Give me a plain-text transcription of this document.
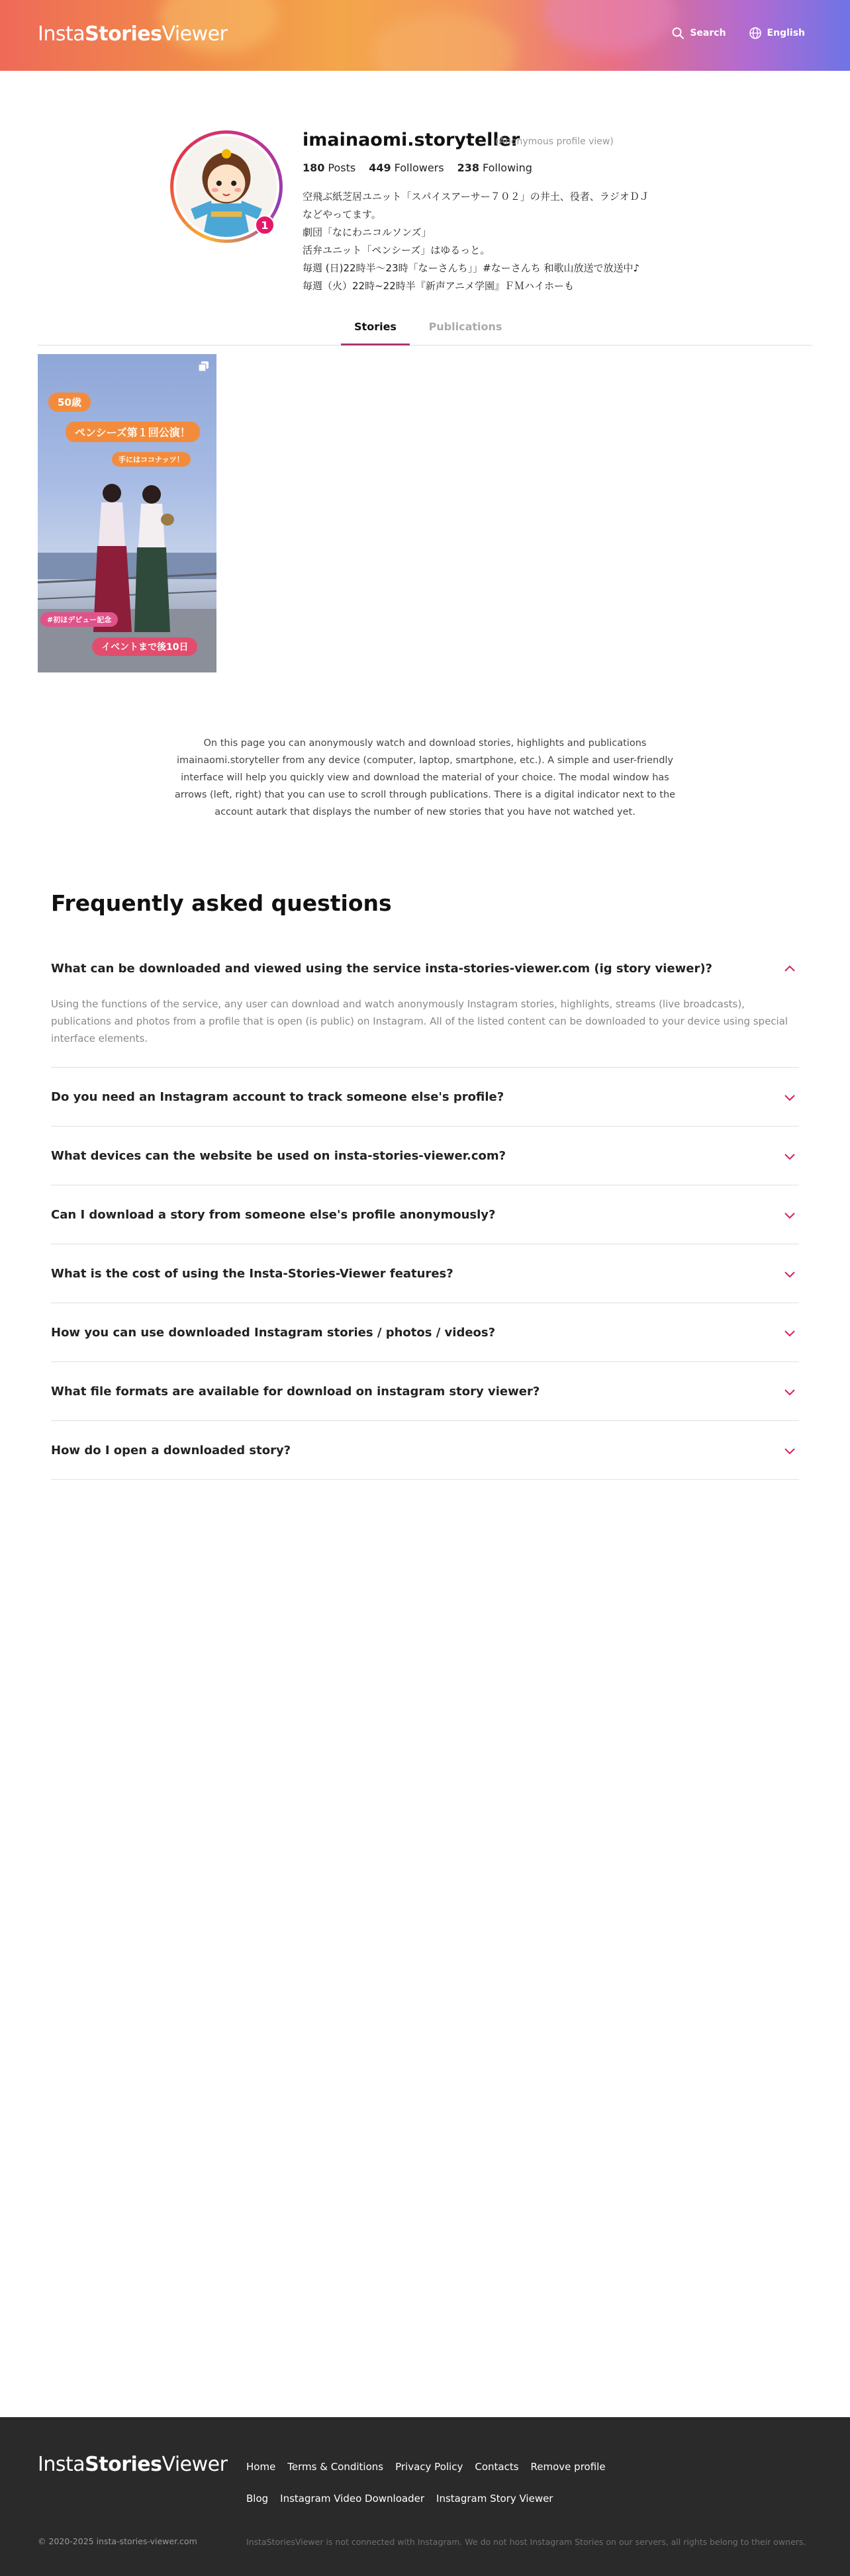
InstaStoriesViewer	Search	English
1
imainaomi.storyteller
(Anonymous profile view)
180 Posts 449 Followers 238 Following
空飛ぶ紙芝居ユニット「スパイスアーサー７０２」の井土、役者、ラジオＤＪ
などやってます。
劇団「なにわニコルソンズ」
活弁ユニット「ペンシーズ」はゆるっと。
毎週 (日)22時半〜23時「なーさんち」」#なーさんち 和歌山放送で放送中♪
毎週（火）22時~22時半『新声アニメ学園』ＦＭハイホーも
Stories	Publications
50歳
ペンシーズ第１回公演！
手にはココナッツ！
#初ほデビュー記念
イベントまで後10日

On this page you can anonymously watch and download stories, highlights and publications imainaomi.storyteller from any device (computer, laptop, smartphone, etc.). A simple and user-friendly interface will help you quickly view and download the material of your choice. The modal window has arrows (left, right) that you can use to scroll through publications. There is a digital indicator next to the account autark that displays the number of new stories that you have not watched yet.

Frequently asked questions
What can be downloaded and viewed using the service insta-stories-viewer.com (ig story viewer)?
Using the functions of the service, any user can download and watch anonymously Instagram stories, highlights, streams (live broadcasts), publications and photos from a profile that is open (is public) on Instagram. All of the listed content can be downloaded to your device using special interface elements.
Do you need an Instagram account to track someone else's profile?
What devices can the website be used on insta-stories-viewer.com?
Can I download a story from someone else's profile anonymously?
What is the cost of using the Insta-Stories-Viewer features?
How you can use downloaded Instagram stories / photos / videos?
What file formats are available for download on instagram story viewer?
How do I open a downloaded story?
InstaStoriesViewer Home Terms & Conditions Privacy Policy Contacts Remove profile
Blog Instagram Video Downloader Instagram Story Viewer
© 2020-2025 insta-stories-viewer.com	InstaStoriesViewer is not connected with Instagram. We do not host Instagram Stories on our servers, all rights belong to their owners.
